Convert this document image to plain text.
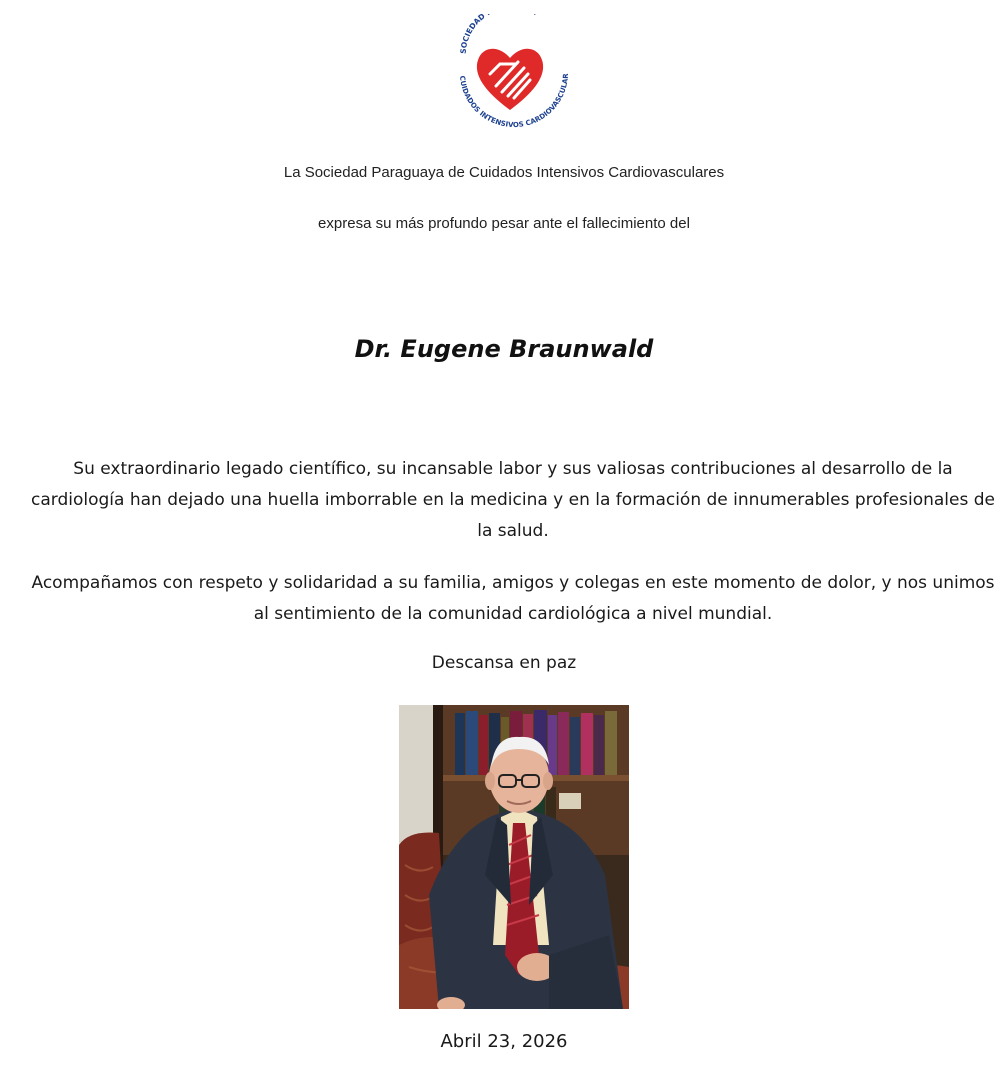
SOCIEDAD
CUIDADOS INTENSIVOS CARDIOVASCULAR
La Sociedad Paraguaya de Cuidados Intensivos Cardiovasculares
expresa su más profundo pesar ante el fallecimiento del
Dr. Eugene Braunwald

Su extraordinario legado científico, su incansable labor y sus valiosas contribuciones al desarrollo de la cardiología han dejado una huella imborrable en la medicina y en la formación de innumerables profesionales de la salud.

Acompañamos con respeto y solidaridad a su familia, amigos y colegas en este momento de dolor, y nos unimos al sentimiento de la comunidad cardiológica a nivel mundial.

Descansa en paz
Abril 23, 2026
